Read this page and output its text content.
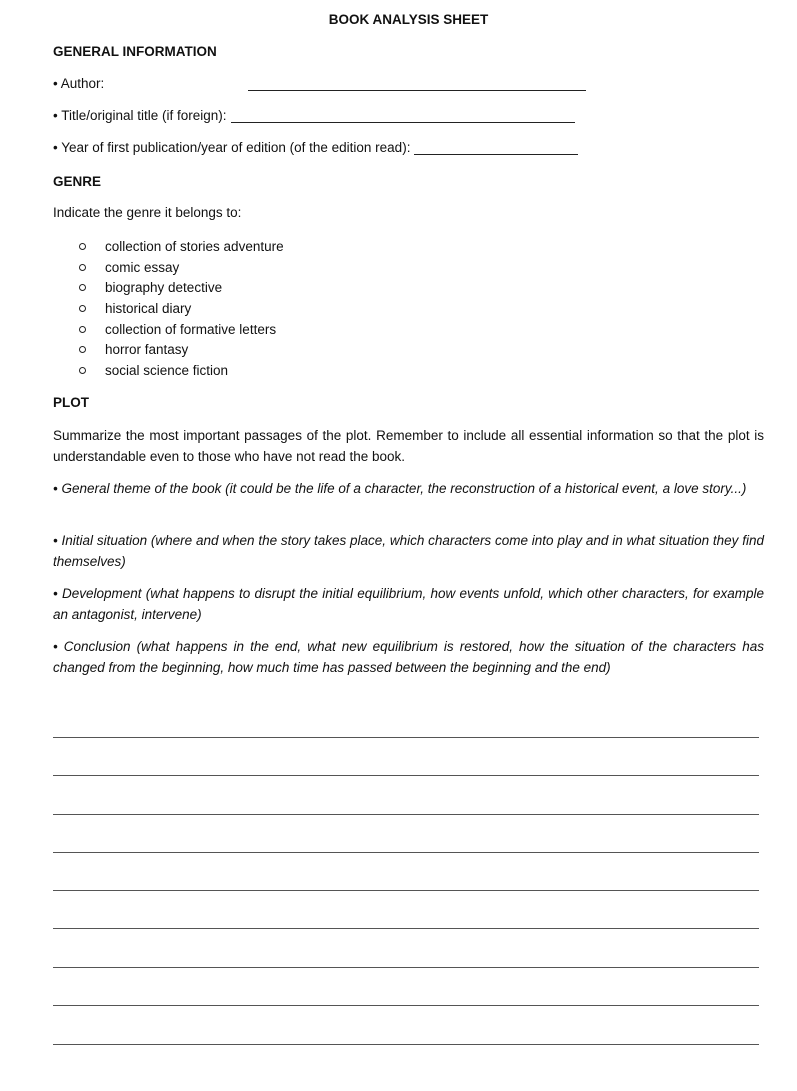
BOOK ANALYSIS SHEET
GENERAL INFORMATION
• Author:
• Title/original title (if foreign):
• Year of first publication/year of edition (of the edition read):
GENRE
Indicate the genre it belongs to:
collection of stories adventure
comic essay
biography detective
historical diary
collection of formative letters
horror fantasy
social science fiction
PLOT
Summarize the most important passages of the plot. Remember to include all essential information so that the plot is understandable even to those who have not read the book.
• General theme of the book (it could be the life of a character, the reconstruction of a historical event, a love story...)
• Initial situation (where and when the story takes place, which characters come into play and in what situation they find themselves)
• Development (what happens to disrupt the initial equilibrium, how events unfold, which other characters, for example an antagonist, intervene)
• Conclusion (what happens in the end, what new equilibrium is restored, how the situation of the characters has changed from the beginning, how much time has passed between the beginning and the end)
